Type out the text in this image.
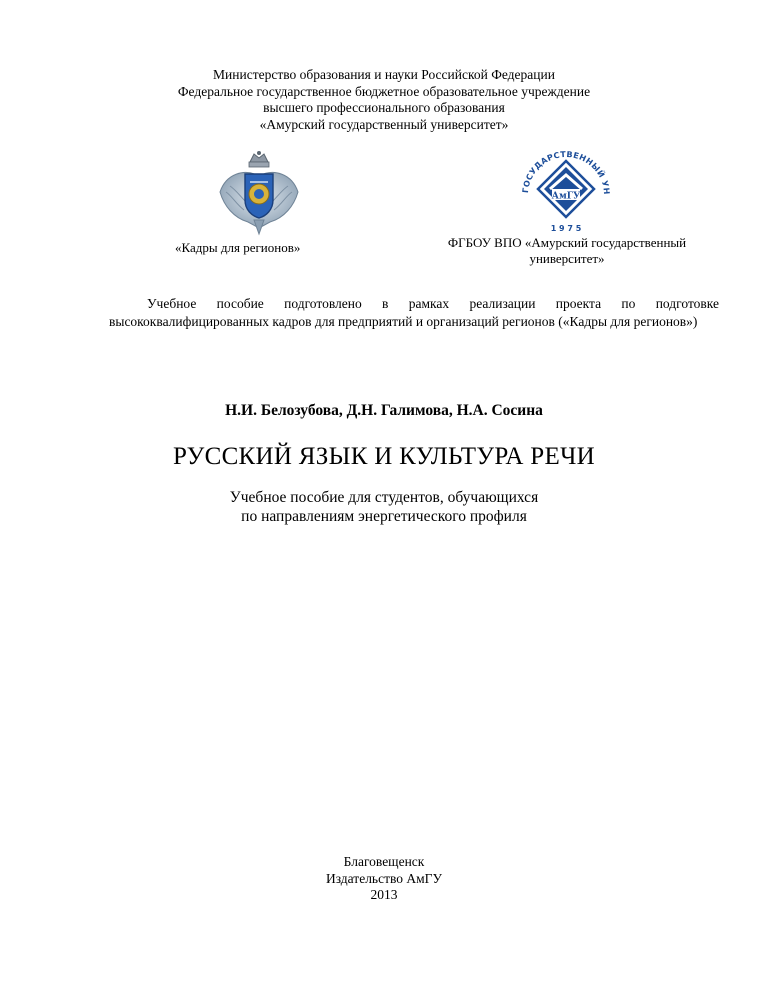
Министерство образования и науки Российской Федерации
Федеральное государственное бюджетное образовательное учреждение
высшего профессионального образования
«Амурский государственный университет»
ГОСУДАРСТВЕННЫЙ УН
АмГУ
1 9 7 5
«Кадры для регионов»	ФГБОУ ВПО «Амурский государственный университет»
Учебное пособие подготовлено в рамках реализации проекта по подготовке высококвалифицированных кадров для предприятий и организаций регионов («Кадры для регионов»)
Н.И. Белозубова, Д.Н. Галимова, Н.А. Сосина
РУССКИЙ ЯЗЫК И КУЛЬТУРА РЕЧИ
Учебное пособие для студентов, обучающихся
по направлениям энергетического профиля
Благовещенск
Издательство АмГУ
2013
